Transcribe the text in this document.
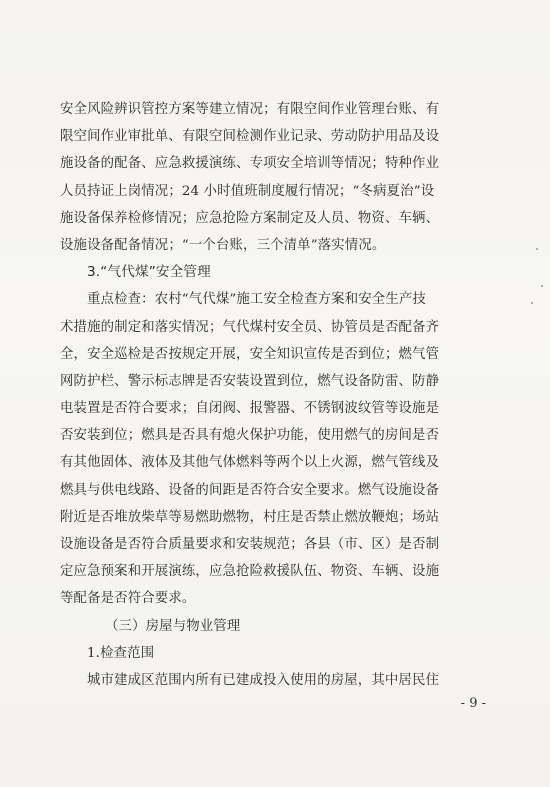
安全风险辨识管控方案等建立情况；有限空间作业管理台账、有
限空间作业审批单、有限空间检测作业记录、劳动防护用品及设
施设备的配备、应急救援演练、专项安全培训等情况；特种作业
人员持证上岗情况；24 小时值班制度履行情况；“冬病夏治”设
施设备保养检修情况；应急抢险方案制定及人员、物资、车辆、
设施设备配备情况；“一个台账，三个清单”落实情况。
3.“气代煤”安全管理
重点检查：农村“气代煤”施工安全检查方案和安全生产技
术措施的制定和落实情况；气代煤村安全员、协管员是否配备齐
全，安全巡检是否按规定开展，安全知识宣传是否到位；燃气管
网防护栏、警示标志牌是否安装设置到位，燃气设备防雷、防静
电装置是否符合要求；自闭阀、报警器、不锈钢波纹管等设施是
否安装到位；燃具是否具有熄火保护功能，使用燃气的房间是否
有其他固体、液体及其他气体燃料等两个以上火源，燃气管线及
燃具与供电线路、设备的间距是否符合安全要求。燃气设施设备
附近是否堆放柴草等易燃助燃物，村庄是否禁止燃放鞭炮；场站
设施设备是否符合质量要求和安装规范；各县（市、区）是否制
定应急预案和开展演练，应急抢险救援队伍、物资、车辆、设施
等配备是否符合要求。
（三）房屋与物业管理
1.检查范围
城市建成区范围内所有已建成投入使用的房屋，其中居民住
- 9 -
